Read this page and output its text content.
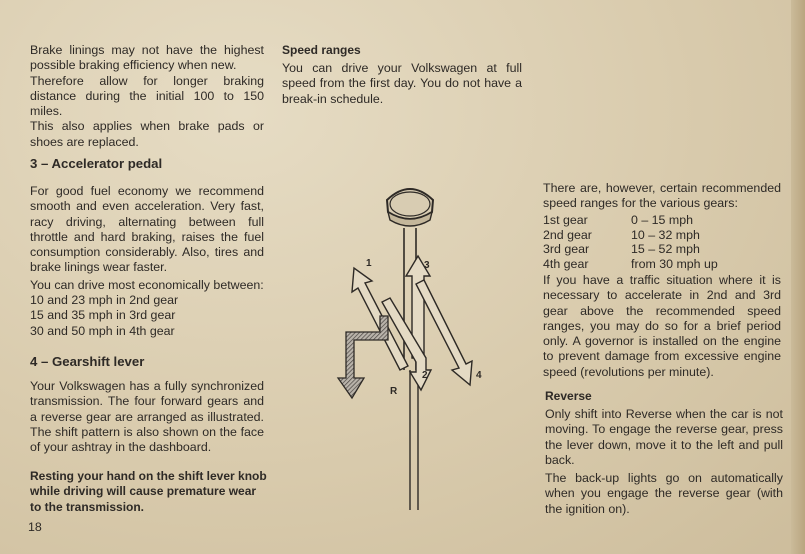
Brake linings may not have the highest possible braking efficiency when new.

Therefore allow for longer braking distance during the initial 100 to 150 miles.

This also applies when brake pads or shoes are replaced.

3 – Accelerator pedal

For good fuel economy we recommend smooth and even acceleration. Very fast, racy driving, alternating between full throttle and hard braking, raises the fuel consumption considerably. Also, tires and brake linings wear faster.

You can drive most economically between:

10 and 23 mph in 2nd gear

15 and 35 mph in 3rd gear

30 and 50 mph in 4th gear

4 – Gearshift lever

Your Volkswagen has a fully synchronized transmission. The four forward gears and a reverse gear are arranged as illustrated. The shift pattern is also shown on the face of your ashtray in the dashboard.

Resting your hand on the shift lever knob while driving will cause premature wear to the transmission.
18
Speed ranges

You can drive your Volkswagen at full speed from the first day. You do not have a break-in schedule.

1	3
2	4
R

There are, however, certain recommended speed ranges for the various gears:

1st gear	0 – 15 mph
2nd gear	10 – 32 mph
3rd gear	15 – 52 mph
4th gear	from 30 mph up

If you have a traffic situation where it is necessary to accelerate in 2nd and 3rd gear above the recommended speed ranges, you may do so for a brief period only. A governor is installed on the engine to prevent damage from excessive engine speed (revolutions per minute).

Reverse

Only shift into Reverse when the car is not moving. To engage the reverse gear, press the lever down, move it to the left and pull back.

The back-up lights go on automatically when you engage the reverse gear (with the ignition on).
